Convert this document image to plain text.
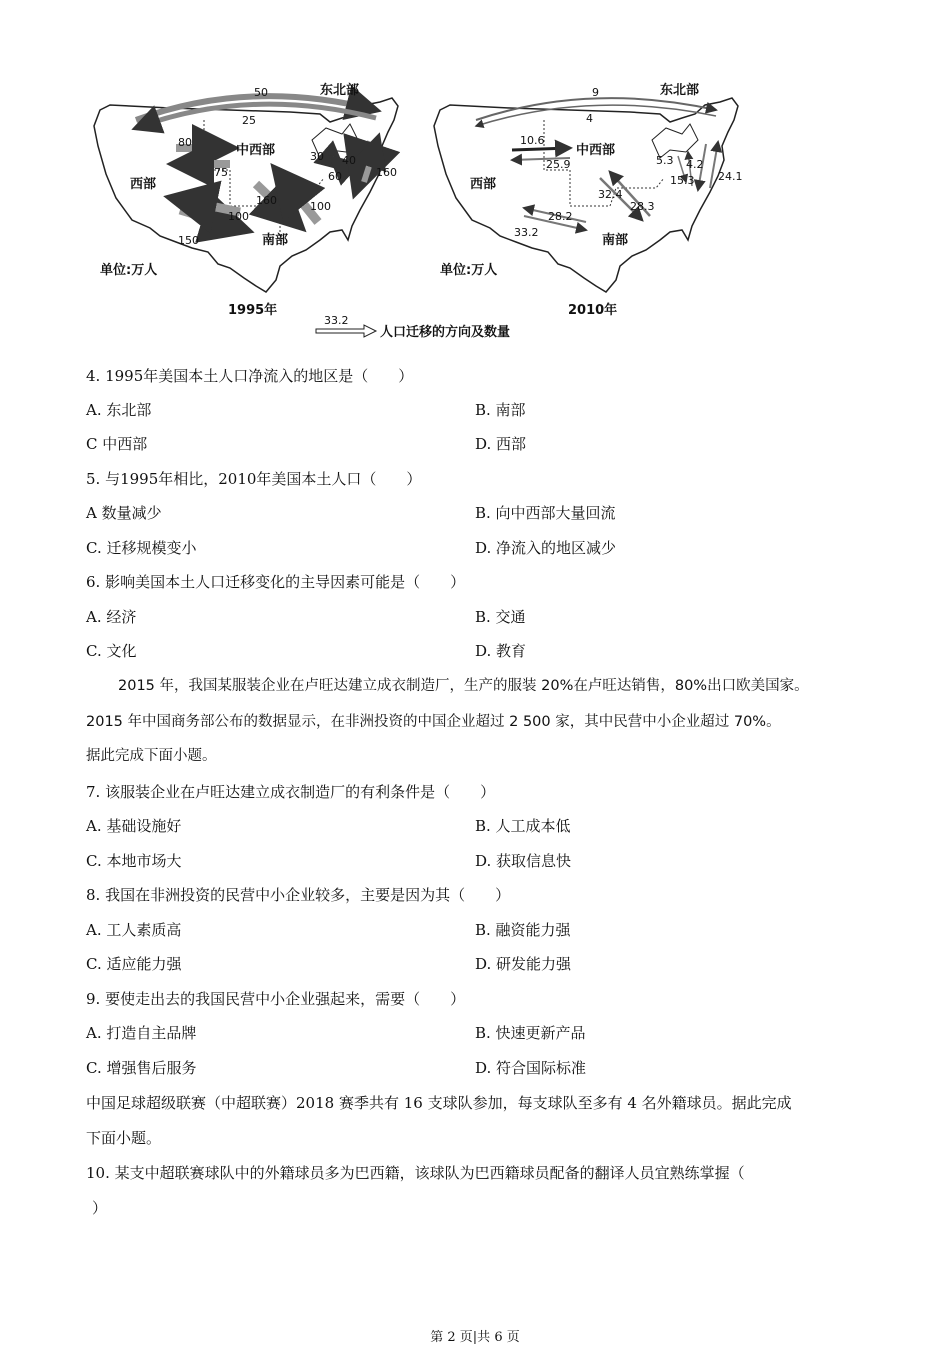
东北部
中西部
西部
南部
单位:万人
1995年
50
25
80
75
30 40
60	160
100
160
100
150
东北部
中西部
西部
南部
单位:万人
2010年
9
4
10.6
25.9	5.3 4.2
15.3 24.1
32.4
28.3
28.2
33.2
33.2
人口迁移的方向及数量
4. 1995年美国本土人口净流入的地区是（　　）
A. 东北部	B. 南部
C 中西部	D. 西部
5. 与1995年相比，2010年美国本土人口（　　）
A 数量减少	B. 向中西部大量回流
C. 迁移规模变小	D. 净流入的地区减少
6. 影响美国本土人口迁移变化的主导因素可能是（　　）
A. 经济	B. 交通
C. 文化	D. 教育
2015 年，我国某服装企业在卢旺达建立成衣制造厂，生产的服装 20%在卢旺达销售，80%出口欧美国家。
2015 年中国商务部公布的数据显示，在非洲投资的中国企业超过 2 500 家，其中民营中小企业超过 70%。
据此完成下面小题。
7. 该服装企业在卢旺达建立成衣制造厂的有利条件是（　　）
A. 基础设施好	B. 人工成本低
C. 本地市场大	D. 获取信息快
8. 我国在非洲投资的民营中小企业较多，主要是因为其（　　）
A. 工人素质高	B. 融资能力强
C. 适应能力强	D. 研发能力强
9. 要使走出去的我国民营中小企业强起来，需要（　　）
A. 打造自主品牌	B. 快速更新产品
C. 增强售后服务	D. 符合国际标准
中国足球超级联赛（中超联赛）2018 赛季共有 16 支球队参加，每支球队至多有 4 名外籍球员。据此完成
下面小题。
10. 某支中超联赛球队中的外籍球员多为巴西籍，该球队为巴西籍球员配备的翻译人员宜熟练掌握（
）
第 2 页|共 6 页
